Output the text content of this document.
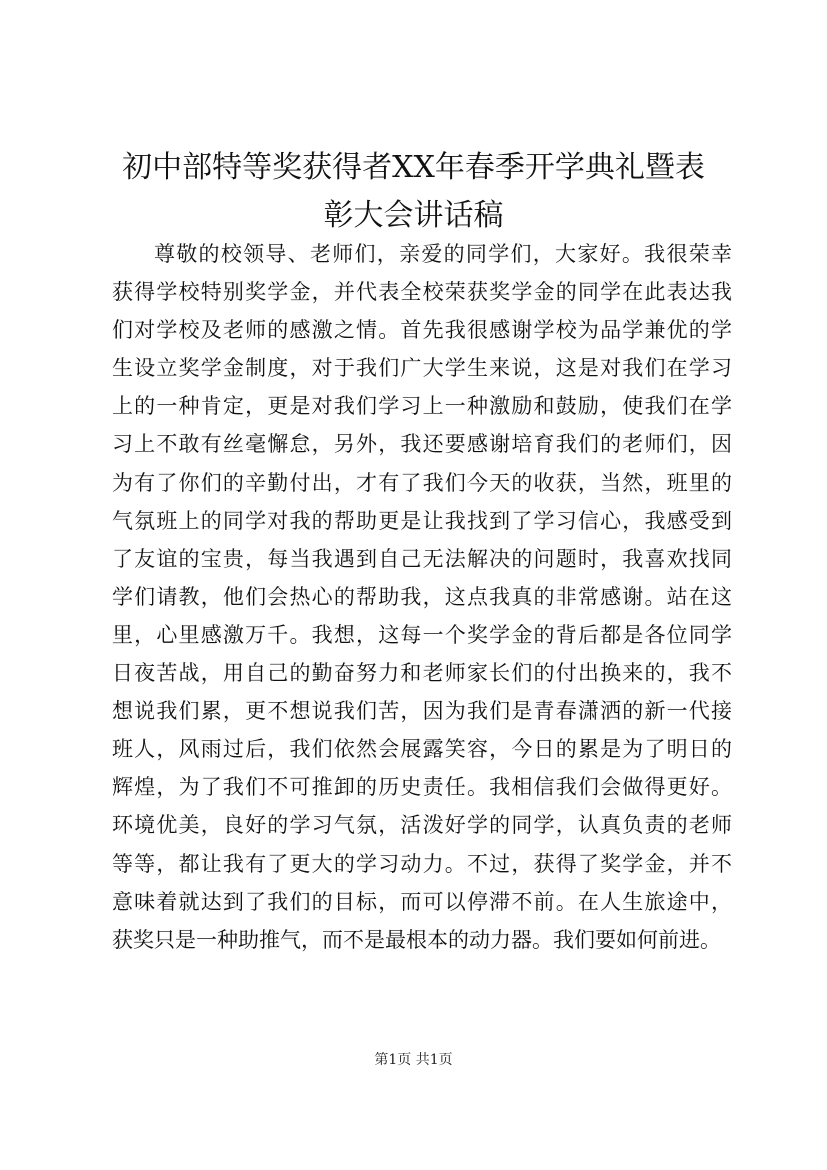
初中部特等奖获得者XX年春季开学典礼暨表
彰大会讲话稿
尊敬的校领导、老师们，亲爱的同学们，大家好。我很荣幸
获得学校特别奖学金，并代表全校荣获奖学金的同学在此表达我
们对学校及老师的感激之情。首先我很感谢学校为品学兼优的学
生设立奖学金制度，对于我们广大学生来说，这是对我们在学习
上的一种肯定，更是对我们学习上一种激励和鼓励，使我们在学
习上不敢有丝毫懈怠，另外，我还要感谢培育我们的老师们，因
为有了你们的辛勤付出，才有了我们今天的收获，当然，班里的
气氛班上的同学对我的帮助更是让我找到了学习信心，我感受到
了友谊的宝贵，每当我遇到自己无法解决的问题时，我喜欢找同
学们请教，他们会热心的帮助我，这点我真的非常感谢。站在这
里，心里感激万千。我想，这每一个奖学金的背后都是各位同学
日夜苦战，用自己的勤奋努力和老师家长们的付出换来的，我不
想说我们累，更不想说我们苦，因为我们是青春潇洒的新一代接
班人，风雨过后，我们依然会展露笑容，今日的累是为了明日的
辉煌，为了我们不可推卸的历史责任。我相信我们会做得更好。
环境优美，良好的学习气氛，活泼好学的同学，认真负责的老师
等等，都让我有了更大的学习动力。不过，获得了奖学金，并不
意味着就达到了我们的目标，而可以停滞不前。在人生旅途中，
获奖只是一种助推气，而不是最根本的动力器。我们要如何前进。
第1页 共1页
